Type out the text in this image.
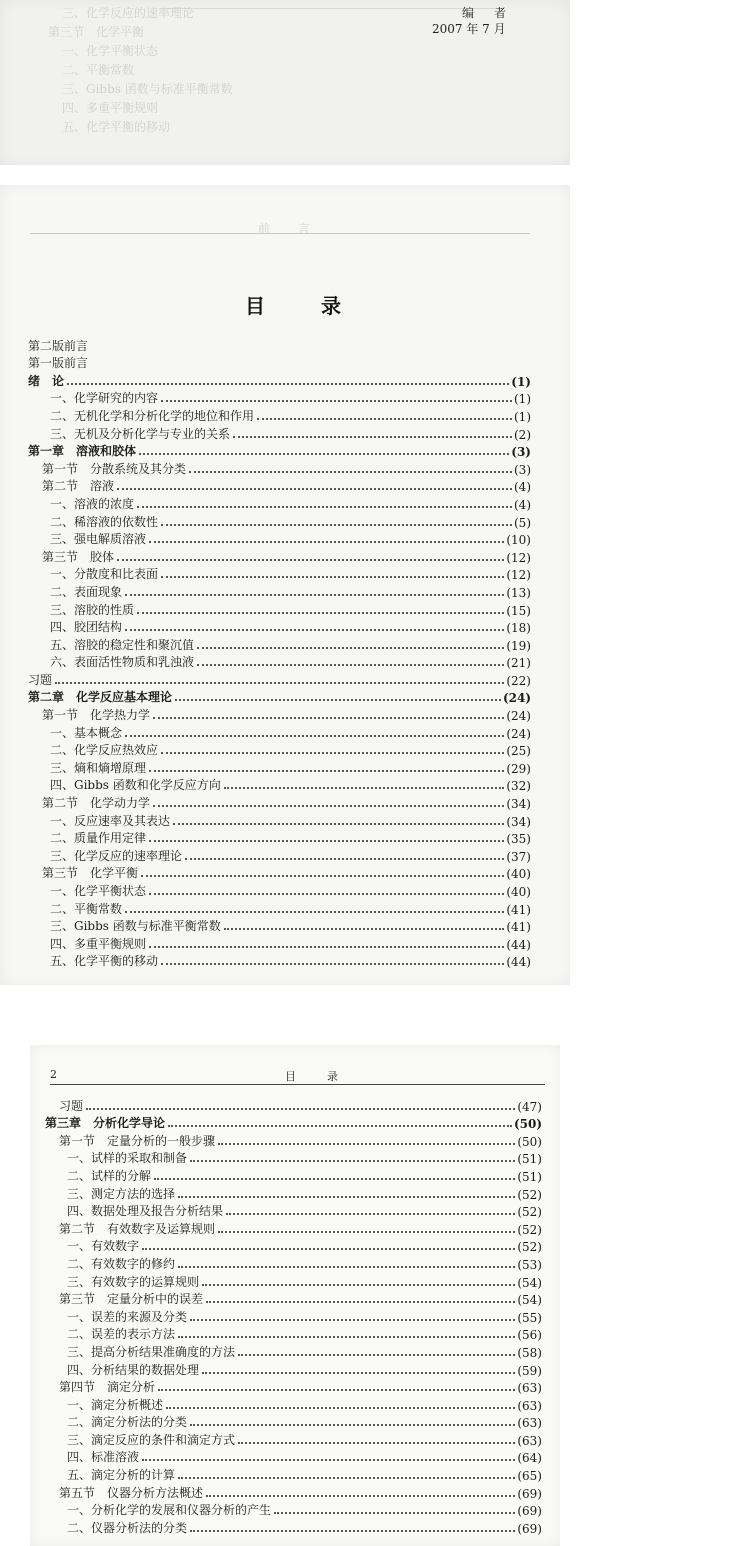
编　者
2007 年 7 月
三、化学反应的速率理论
第三节　化学平衡
一、化学平衡状态
二、平衡常数
三、Gibbs 函数与标准平衡常数
四、多重平衡规则
五、化学平衡的移动
前　言
目　录
第二版前言
第一版前言
绪　论	(1)
一、化学研究的内容	(1)
二、无机化学和分析化学的地位和作用	(1)
三、无机及分析化学与专业的关系	(2)
第一章　溶液和胶体	(3)
第一节　分散系统及其分类	(3)
第二节　溶液	(4)
一、溶液的浓度	(4)
二、稀溶液的依数性	(5)
三、强电解质溶液	(10)
第三节　胶体	(12)
一、分散度和比表面	(12)
二、表面现象	(13)
三、溶胶的性质	(15)
四、胶团结构	(18)
五、溶胶的稳定性和聚沉值	(19)
六、表面活性物质和乳浊液	(21)
习题	(22)
第二章　化学反应基本理论	(24)
第一节　化学热力学	(24)
一、基本概念	(24)
二、化学反应热效应	(25)
三、熵和熵增原理	(29)
四、Gibbs 函数和化学反应方向	(32)
第二节　化学动力学	(34)
一、反应速率及其表达	(34)
二、质量作用定律	(35)
三、化学反应的速率理论	(37)
第三节　化学平衡	(40)
一、化学平衡状态	(40)
二、平衡常数	(41)
三、Gibbs 函数与标准平衡常数	(41)
四、多重平衡规则	(44)
五、化学平衡的移动	(44)
2	目　录
习题	(47)
第三章　分析化学导论	(50)
第一节　定量分析的一般步骤	(50)
一、试样的采取和制备	(51)
二、试样的分解	(51)
三、测定方法的选择	(52)
四、数据处理及报告分析结果	(52)
第二节　有效数字及运算规则	(52)
一、有效数字	(52)
二、有效数字的修约	(53)
三、有效数字的运算规则	(54)
第三节　定量分析中的误差	(54)
一、误差的来源及分类	(55)
二、误差的表示方法	(56)
三、提高分析结果准确度的方法	(58)
四、分析结果的数据处理	(59)
第四节　滴定分析	(63)
一、滴定分析概述	(63)
二、滴定分析法的分类	(63)
三、滴定反应的条件和滴定方式	(63)
四、标准溶液	(64)
五、滴定分析的计算	(65)
第五节　仪器分析方法概述	(69)
一、分析化学的发展和仪器分析的产生	(69)
二、仪器分析法的分类	(69)
